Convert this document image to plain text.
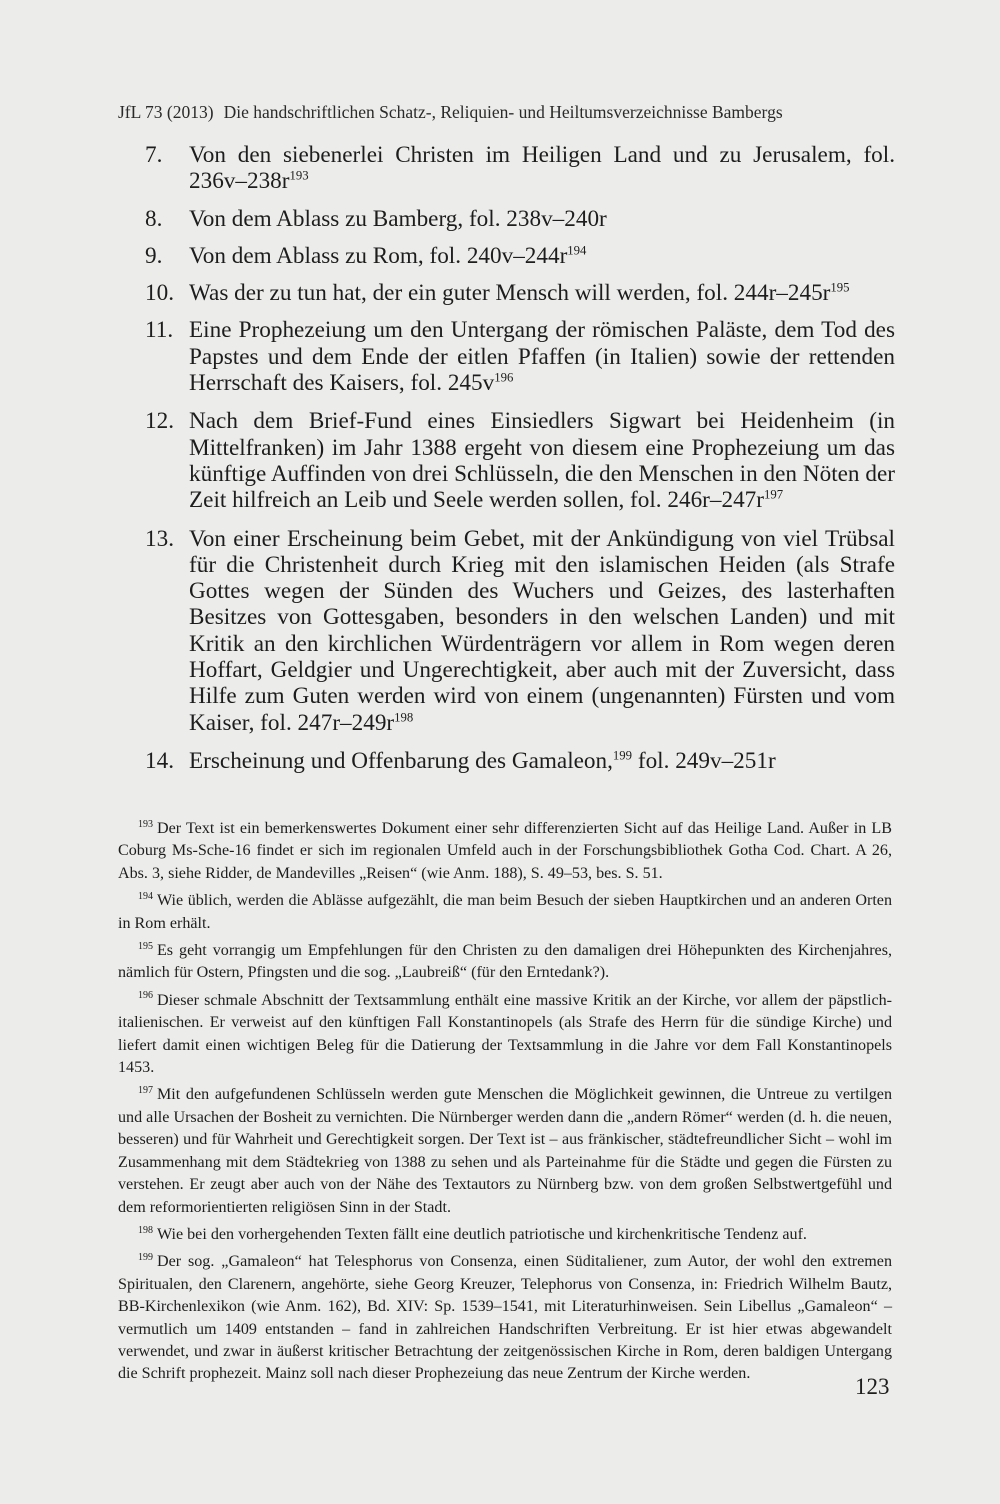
JfL 73 (2013) Die handschriftlichen Schatz-, Reliquien- und Heiltumsverzeichnisse Bambergs
7. Von den siebenerlei Christen im Heiligen Land und zu Jerusalem, fol. $236v-238r^{193}$
8. Von dem Ablass zu Bamberg, fol. 238v–240r
9. Von dem Ablass zu Rom, fol. $240v-244r^{194}$
10. Was der zu tun hat, der ein guter Mensch will werden, fol. $244r-245r^{195}$
11. Eine Prophezeiung um den Untergang der römischen Paläste, dem Tod des Papstes und dem Ende der eitlen Pfaffen (in Italien) sowie der rettenden Herrschaft des Kaisers, fol. $245v^{196}$
12. Nach dem Brief-Fund eines Einsiedlers Sigwart bei Heidenheim (in Mittelfranken) im Jahr 1388 ergeht von diesem eine Prophezeiung um das künftige Auffinden von drei Schlüsseln, die den Menschen in den Nöten der Zeit hilfreich an Leib und Seele werden sollen, fol. $246r-247r^{197}$
13. Von einer Erscheinung beim Gebet, mit der Ankündigung von viel Trübsal für die Christenheit durch Krieg mit den islamischen Heiden (als Strafe Gottes wegen der Sünden des Wuchers und Geizes, des lasterhaften Besitzes von Gottesgaben, besonders in den welschen Landen) und mit Kritik an den kirchlichen Würdenträgern vor allem in Rom wegen deren Hoffart, Geldgier und Ungerechtigkeit, aber auch mit der Zuversicht, dass Hilfe zum Guten werden wird von einem (ungenannten) Fürsten und vom Kaiser, fol. $247r-249r^{198}$
14. Erscheinung und Offenbarung des Gamaleon,$^{199}$ fol. 249v–251r
$^{193}$ Der Text ist ein bemerkenswertes Dokument einer sehr differenzierten Sicht auf das Heilige Land. Außer in LB Coburg Ms-Sche-16 findet er sich im regionalen Umfeld auch in der Forschungsbibliothek Gotha Cod. Chart. A 26, Abs. 3, siehe Ridder, de Mandevilles „Reisen“ (wie Anm. 188), S. 49–53, bes. S. 51.
$^{194}$ Wie üblich, werden die Ablässe aufgezählt, die man beim Besuch der sieben Hauptkirchen und an anderen Orten in Rom erhält.
$^{195}$ Es geht vorrangig um Empfehlungen für den Christen zu den damaligen drei Höhepunkten des Kirchenjahres, nämlich für Ostern, Pfingsten und die sog. „Laubreiß“ (für den Erntedank?).
$^{196}$ Dieser schmale Abschnitt der Textsammlung enthält eine massive Kritik an der Kirche, vor allem der päpstlich-italienischen. Er verweist auf den künftigen Fall Konstantinopels (als Strafe des Herrn für die sündige Kirche) und liefert damit einen wichtigen Beleg für die Datierung der Textsammlung in die Jahre vor dem Fall Konstantinopels 1453.
$^{197}$ Mit den aufgefundenen Schlüsseln werden gute Menschen die Möglichkeit gewinnen, die Untreue zu vertilgen und alle Ursachen der Bosheit zu vernichten. Die Nürnberger werden dann die „andern Römer“ werden (d. h. die neuen, besseren) und für Wahrheit und Gerechtigkeit sorgen. Der Text ist – aus fränkischer, städtefreundlicher Sicht – wohl im Zusammenhang mit dem Städtekrieg von 1388 zu sehen und als Parteinahme für die Städte und gegen die Fürsten zu verstehen. Er zeugt aber auch von der Nähe des Textautors zu Nürnberg bzw. von dem großen Selbstwertgefühl und dem reformorientierten religiösen Sinn in der Stadt.
$^{198}$ Wie bei den vorhergehenden Texten fällt eine deutlich patriotische und kirchenkritische Tendenz auf.
$^{199}$ Der sog. „Gamaleon“ hat Telesphorus von Consenza, einen Süditaliener, zum Autor, der wohl den extremen Spiritualen, den Clarenern, angehörte, siehe Georg Kreuzer, Telephorus von Consenza, in: Friedrich Wilhelm Bautz, BB-Kirchenlexikon (wie Anm. 162), Bd. XIV: Sp. 1539–1541, mit Literaturhinweisen. Sein Libellus „Gamaleon“ – vermutlich um 1409 entstanden – fand in zahlreichen Handschriften Verbreitung. Er ist hier etwas abgewandelt verwendet, und zwar in äußerst kritischer Betrachtung der zeitgenössischen Kirche in Rom, deren baldigen Untergang die Schrift prophezeit. Mainz soll nach dieser Prophezeiung das neue Zentrum der Kirche werden.
123
